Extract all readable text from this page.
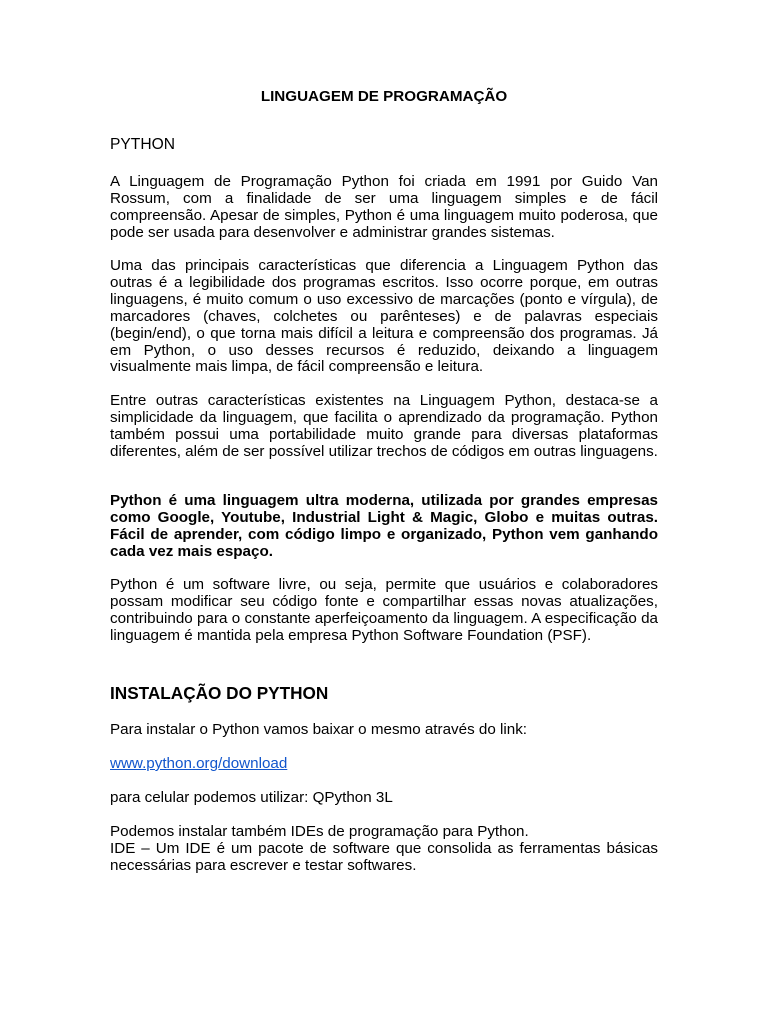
LINGUAGEM DE PROGRAMAÇÃO
PYTHON

A Linguagem de Programação Python foi criada em 1991 por Guido Van Rossum, com a finalidade de ser uma linguagem simples e de fácil compreensão. Apesar de simples, Python é uma linguagem muito poderosa, que pode ser usada para desenvolver e administrar grandes sistemas.

Uma das principais características que diferencia a Linguagem Python das outras é a legibilidade dos programas escritos. Isso ocorre porque, em outras linguagens, é muito comum o uso excessivo de marcações (ponto e vírgula), de marcadores (chaves, colchetes ou parênteses) e de palavras especiais (begin/end), o que torna mais difícil a leitura e compreensão dos programas. Já em Python, o uso desses recursos é reduzido, deixando a linguagem visualmente mais limpa, de fácil compreensão e leitura.

Entre outras características existentes na Linguagem Python, destaca-se a simplicidade da linguagem, que facilita o aprendizado da programação. Python também possui uma portabilidade muito grande para diversas plataformas diferentes, além de ser possível utilizar trechos de códigos em outras linguagens.

Python é uma linguagem ultra moderna, utilizada por grandes empresas como Google, Youtube, Industrial Light & Magic, Globo e muitas outras. Fácil de aprender, com código limpo e organizado, Python vem ganhando cada vez mais espaço.

Python é um software livre, ou seja, permite que usuários e colaboradores possam modificar seu código fonte e compartilhar essas novas atualizações, contribuindo para o constante aperfeiçoamento da linguagem. A especificação da linguagem é mantida pela empresa Python Software Foundation (PSF).

INSTALAÇÃO DO PYTHON

Para instalar o Python vamos baixar o mesmo através do link:

www.python.org/download

para celular podemos utilizar: QPython 3L

Podemos instalar também IDEs de programação para Python.

IDE – Um IDE é um pacote de software que consolida as ferramentas básicas necessárias para escrever e testar softwares.
